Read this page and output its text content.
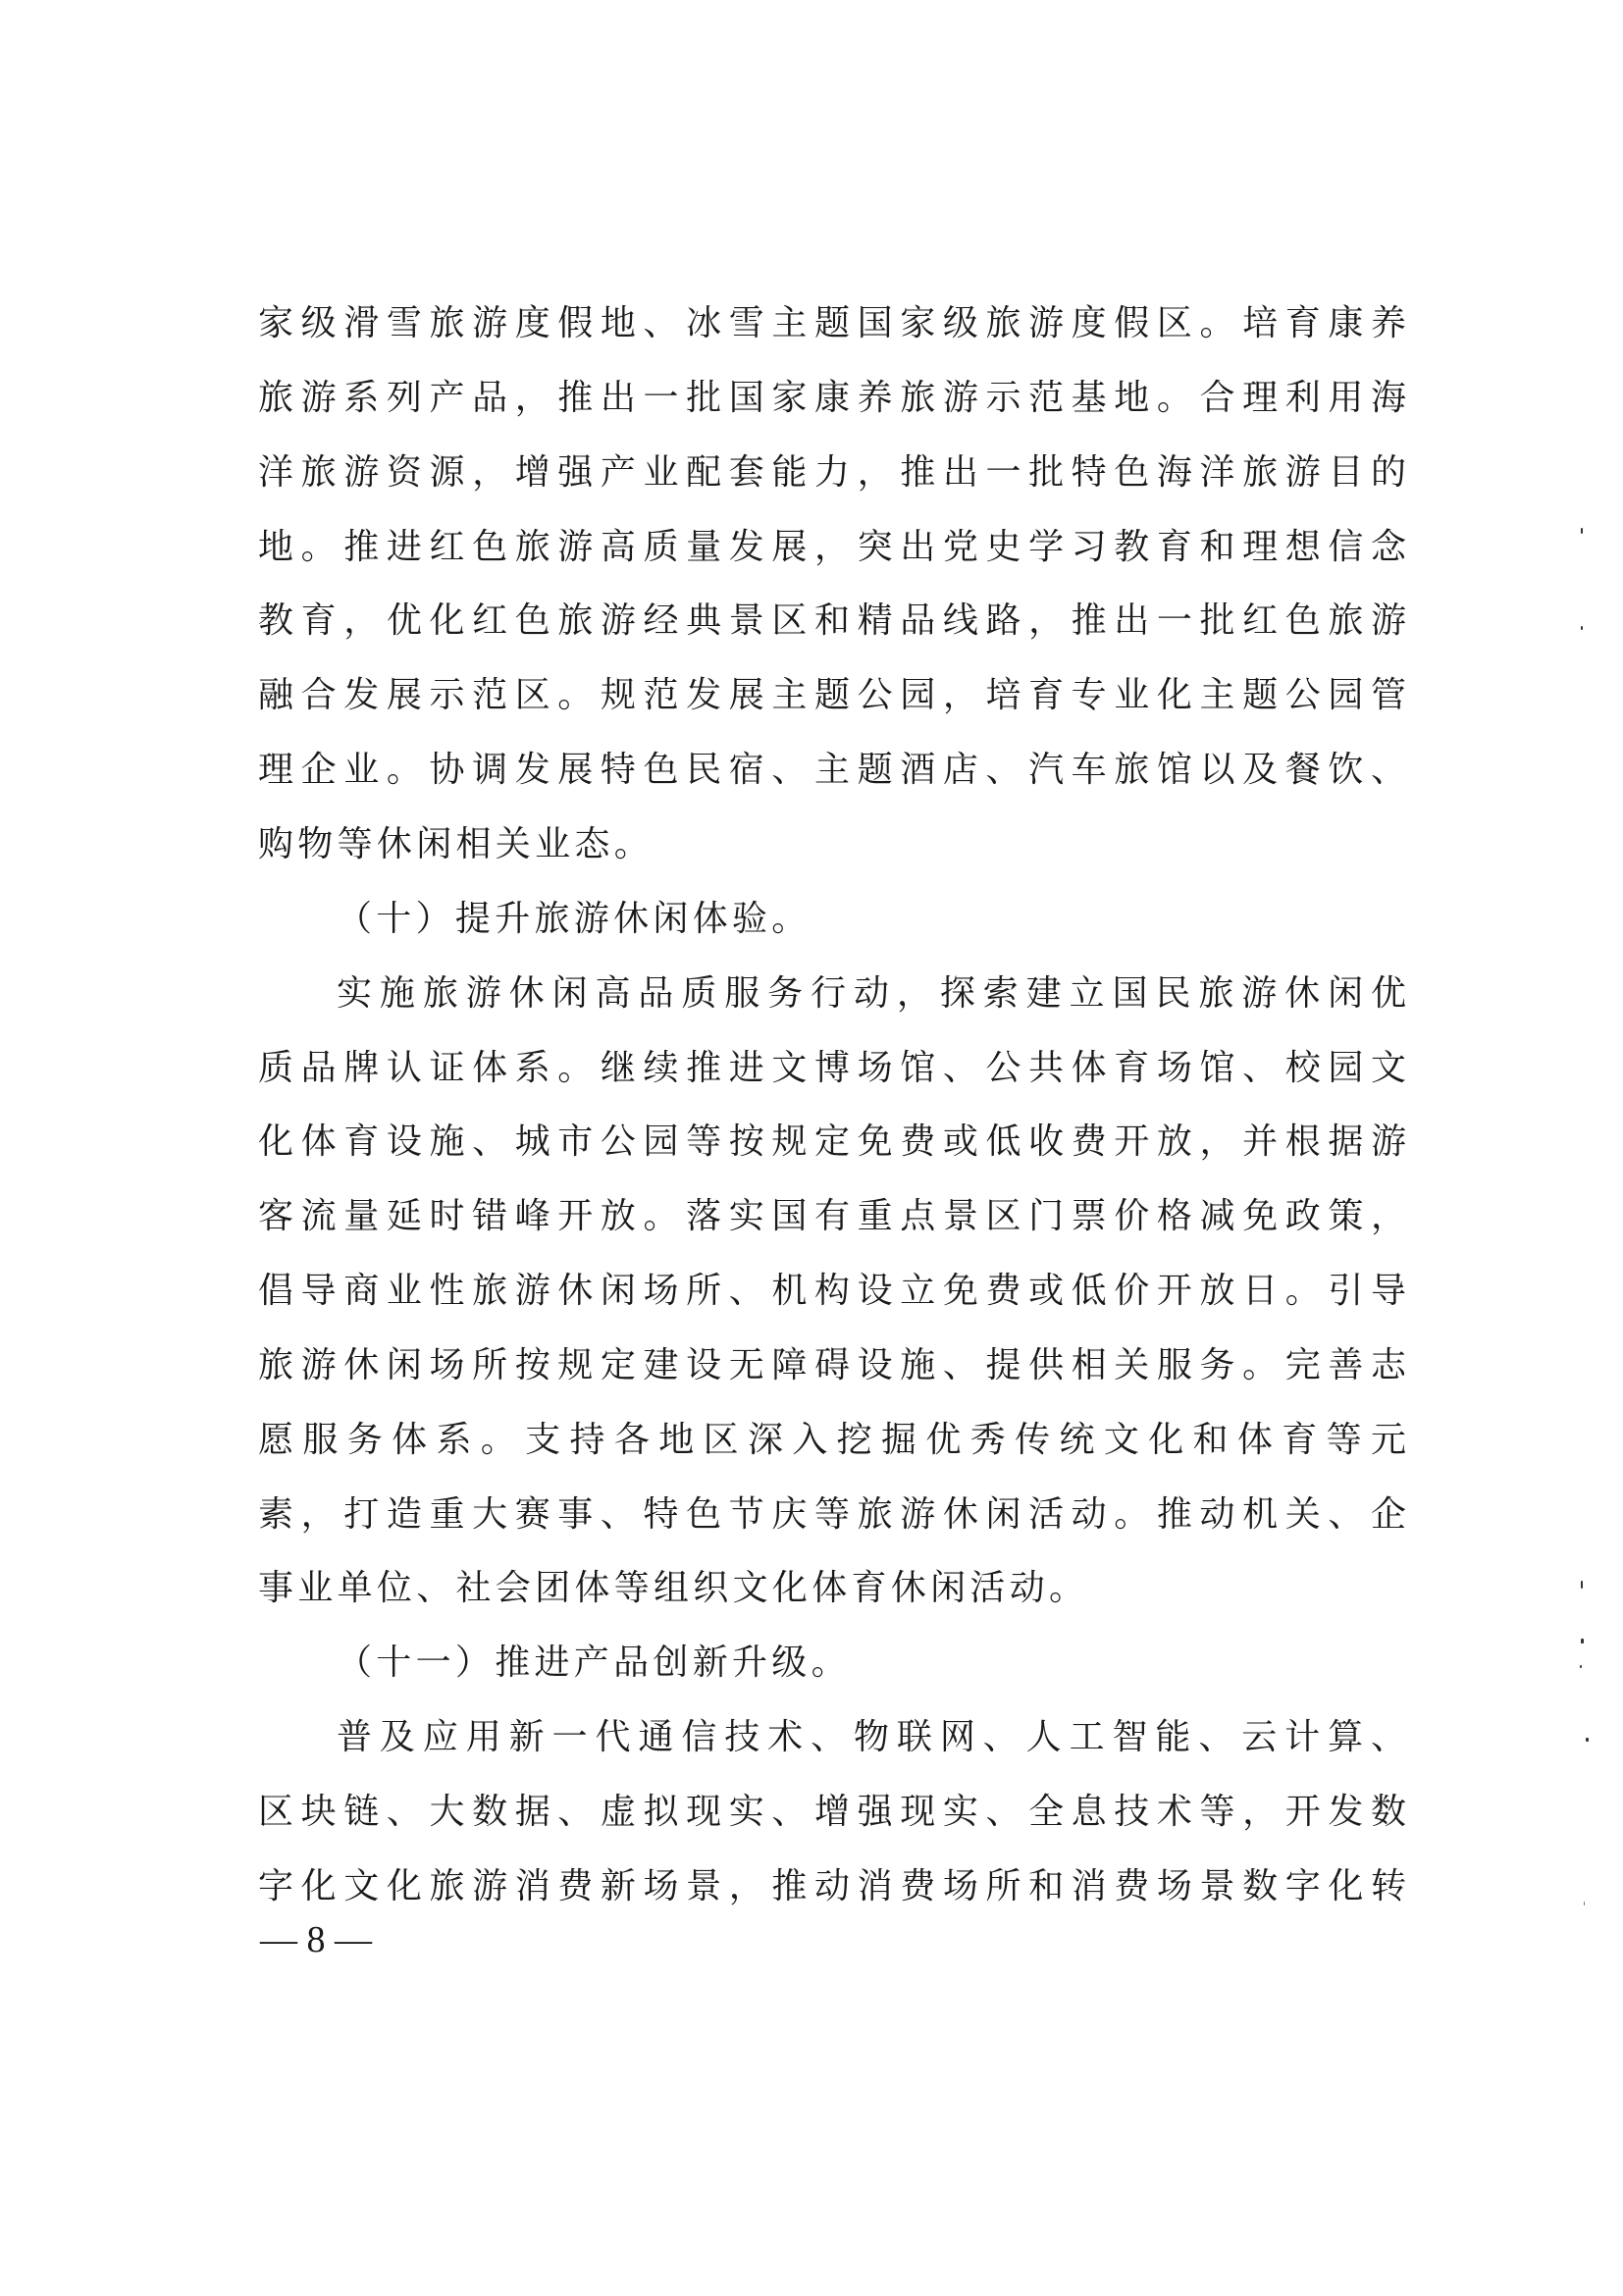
家级滑雪旅游度假地、冰雪主题国家级旅游度假区。培育康养
旅游系列产品，推出一批国家康养旅游示范基地。合理利用海
洋旅游资源，增强产业配套能力，推出一批特色海洋旅游目的
地。推进红色旅游高质量发展，突出党史学习教育和理想信念
教育，优化红色旅游经典景区和精品线路，推出一批红色旅游
融合发展示范区。规范发展主题公园，培育专业化主题公园管
理企业。协调发展特色民宿、主题酒店、汽车旅馆以及餐饮、
购物等休闲相关业态。
（十）提升旅游休闲体验。
实施旅游休闲高品质服务行动，探索建立国民旅游休闲优
质品牌认证体系。继续推进文博场馆、公共体育场馆、校园文
化体育设施、城市公园等按规定免费或低收费开放，并根据游
客流量延时错峰开放。落实国有重点景区门票价格减免政策，
倡导商业性旅游休闲场所、机构设立免费或低价开放日。引导
旅游休闲场所按规定建设无障碍设施、提供相关服务。完善志
愿服务体系。支持各地区深入挖掘优秀传统文化和体育等元
素，打造重大赛事、特色节庆等旅游休闲活动。推动机关、企
事业单位、社会团体等组织文化体育休闲活动。
（十一）推进产品创新升级。
普及应用新一代通信技术、物联网、人工智能、云计算、
区块链、大数据、虚拟现实、增强现实、全息技术等，开发数
字化文化旅游消费新场景，推动消费场所和消费场景数字化转
— 8 —
